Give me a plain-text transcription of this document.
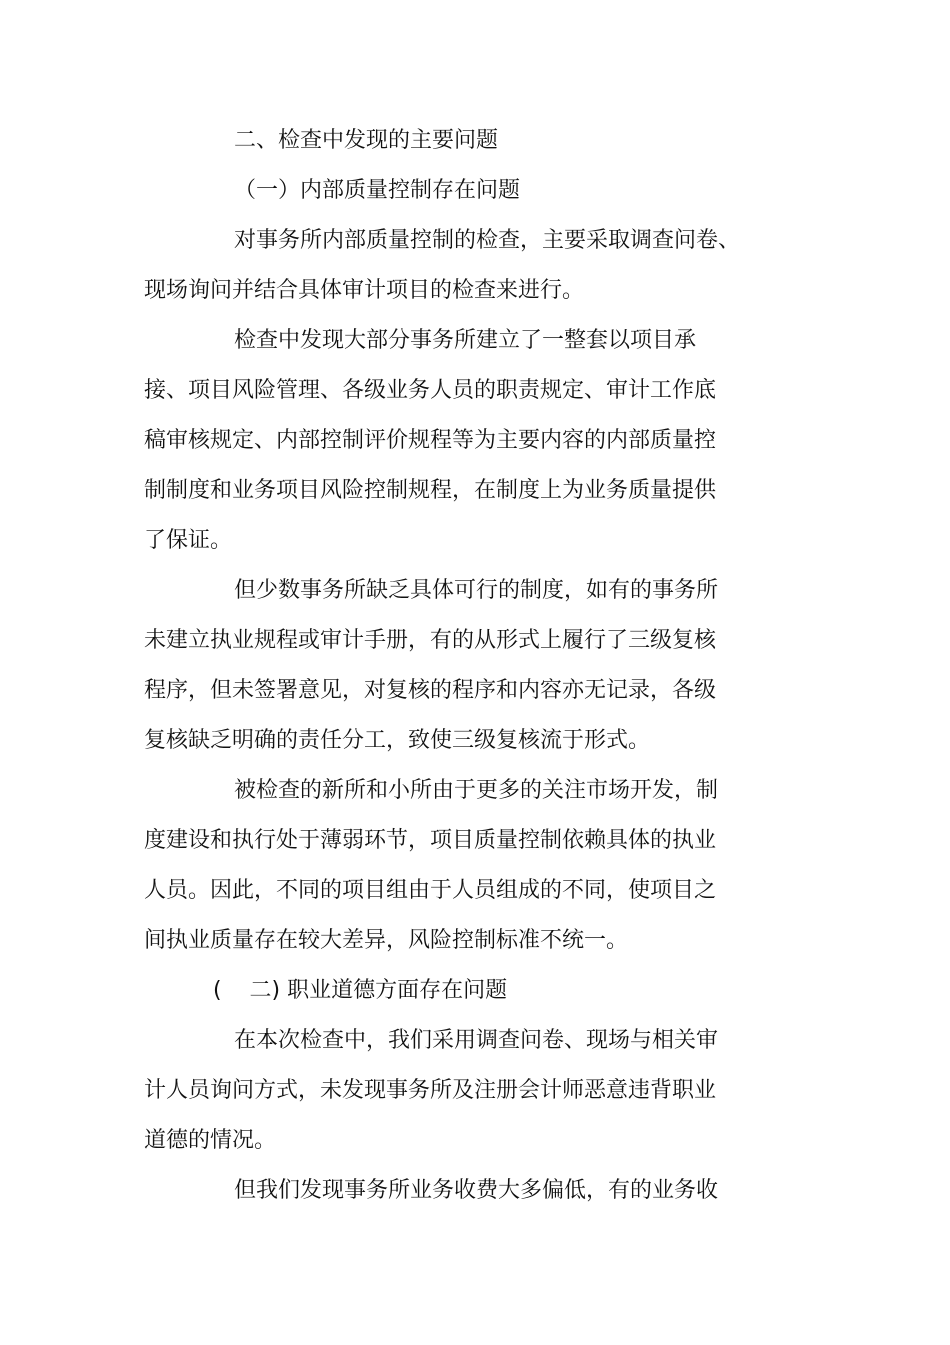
二、检查中发现的主要问题
（一）内部质量控制存在问题
对事务所内部质量控制的检查，主要采取调查问卷、
现场询问并结合具体审计项目的检查来进行。
检查中发现大部分事务所建立了一整套以项目承
接、项目风险管理、各级业务人员的职责规定、审计工作底
稿审核规定、内部控制评价规程等为主要内容的内部质量控
制制度和业务项目风险控制规程，在制度上为业务质量提供
了保证。
但少数事务所缺乏具体可行的制度，如有的事务所
未建立执业规程或审计手册，有的从形式上履行了三级复核
程序，但未签署意见，对复核的程序和内容亦无记录，各级
复核缺乏明确的责任分工，致使三级复核流于形式。
被检查的新所和小所由于更多的关注市场开发，制
度建设和执行处于薄弱环节，项目质量控制依赖具体的执业
人员。因此，不同的项目组由于人员组成的不同，使项目之
间执业质量存在较大差异，风险控制标准不统一。
(    二) 职业道德方面存在问题
在本次检查中，我们采用调查问卷、现场与相关审
计人员询问方式，未发现事务所及注册会计师恶意违背职业
道德的情况。
但我们发现事务所业务收费大多偏低，有的业务收
